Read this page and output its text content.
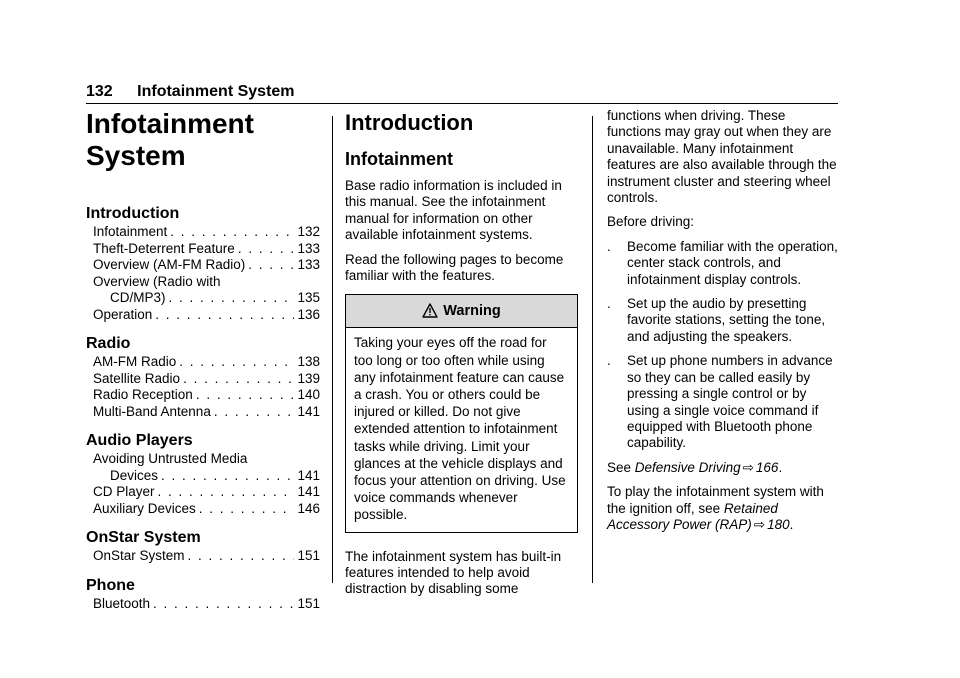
132 Infotainment System
Infotainment
System
Introduction
Infotainment . . .	132
Theft-Deterrent Feature . . .	133
Overview (AM-FM Radio) . . .	133
Overview (Radio with
CD/MP3) . . .	135
Operation . . .	136
Radio
AM-FM Radio . . .	138
Satellite Radio . . .	139
Radio Reception . . .	140
Multi-Band Antenna . . .	141
Audio Players
Avoiding Untrusted Media
Devices . . .	141
CD Player . . .	141
Auxiliary Devices . . .	146
OnStar System
OnStar System . . .	151
Phone
Bluetooth . . .	151
Introduction
Infotainment

Base radio information is included in this manual. See the infotainment manual for information on other available infotainment systems.

Read the following pages to become familiar with the features.

Warning
Taking your eyes off the road for too long or too often while using any infotainment feature can cause a crash. You or others could be injured or killed. Do not give extended attention to infotainment tasks while driving. Limit your glances at the vehicle displays and focus your attention on driving. Use voice commands whenever possible.

The infotainment system has built-in features intended to help avoid distraction by disabling some

functions when driving. These functions may gray out when they are unavailable. Many infotainment features are also available through the instrument cluster and steering wheel controls.

Before driving:

.	Become familiar with the operation, center stack controls, and infotainment display controls.
.	Set up the audio by presetting favorite stations, setting the tone, and adjusting the speakers.
.	Set up phone numbers in advance so they can be called easily by pressing a single control or by using a single voice command if equipped with Bluetooth phone capability.

See Defensive Driving ⇨ 166.

To play the infotainment system with the ignition off, see Retained Accessory Power (RAP) ⇨ 180.
